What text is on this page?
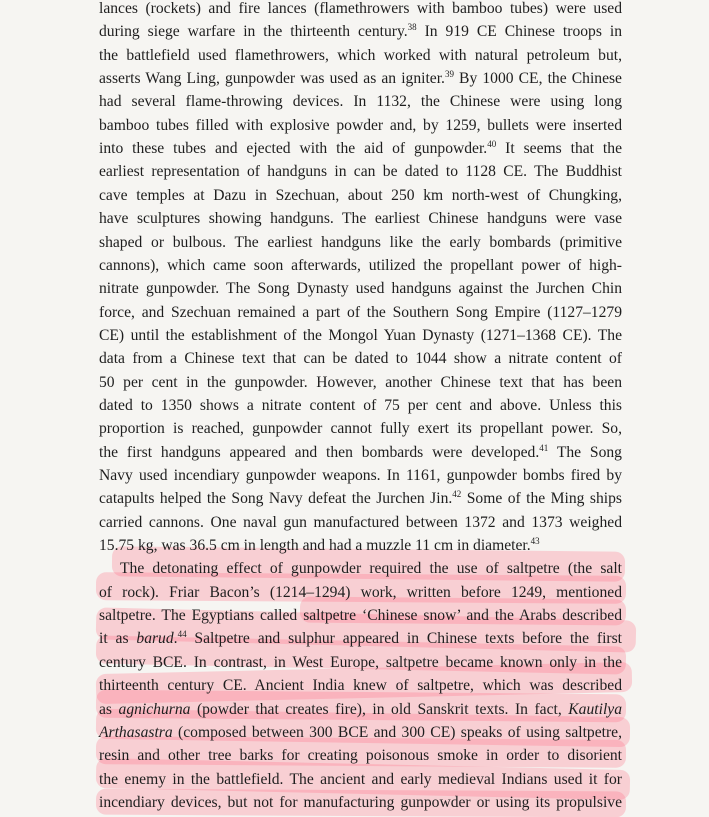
lances (rockets) and fire lances (flamethrowers with bamboo tubes) were used
during siege warfare in the thirteenth century.$^{38}$ In 919 CE Chinese troops in
the battlefield used flamethrowers, which worked with natural petroleum but,
asserts Wang Ling, gunpowder was used as an igniter.$^{39}$ By 1000 CE, the Chinese
had several flame-throwing devices. In 1132, the Chinese were using long
bamboo tubes filled with explosive powder and, by 1259, bullets were inserted
into these tubes and ejected with the aid of gunpowder.$^{40}$ It seems that the
earliest representation of handguns in can be dated to 1128 CE. The Buddhist
cave temples at Dazu in Szechuan, about 250 km north-west of Chungking,
have sculptures showing handguns. The earliest Chinese handguns were vase
shaped or bulbous. The earliest handguns like the early bombards (primitive
cannons), which came soon afterwards, utilized the propellant power of high-
nitrate gunpowder. The Song Dynasty used handguns against the Jurchen Chin
force, and Szechuan remained a part of the Southern Song Empire (1127–1279
CE) until the establishment of the Mongol Yuan Dynasty (1271–1368 CE). The
data from a Chinese text that can be dated to 1044 show a nitrate content of
50 per cent in the gunpowder. However, another Chinese text that has been
dated to 1350 shows a nitrate content of 75 per cent and above. Unless this
proportion is reached, gunpowder cannot fully exert its propellant power. So,
the first handguns appeared and then bombards were developed.$^{41}$ The Song
Navy used incendiary gunpowder weapons. In 1161, gunpowder bombs fired by
catapults helped the Song Navy defeat the Jurchen Jin.$^{42}$ Some of the Ming ships
carried cannons. One naval gun manufactured between 1372 and 1373 weighed
15.75 kg, was 36.5 cm in length and had a muzzle 11 cm in diameter.$^{43}$
The detonating effect of gunpowder required the use of saltpetre (the salt
of rock). Friar Bacon’s (1214–1294) work, written before 1249, mentioned
saltpetre. The Egyptians called saltpetre ‘Chinese snow’ and the Arabs described
it as barud.$^{44}$ Saltpetre and sulphur appeared in Chinese texts before the first
century BCE. In contrast, in West Europe, saltpetre became known only in the
thirteenth century CE. Ancient India knew of saltpetre, which was described
as agnichurna (powder that creates fire), in old Sanskrit texts. In fact, Kautilya
Arthasastra (composed between 300 BCE and 300 CE) speaks of using saltpetre,
resin and other tree barks for creating poisonous smoke in order to disorient
the enemy in the battlefield. The ancient and early medieval Indians used it for
incendiary devices, but not for manufacturing gunpowder or using its propulsive
